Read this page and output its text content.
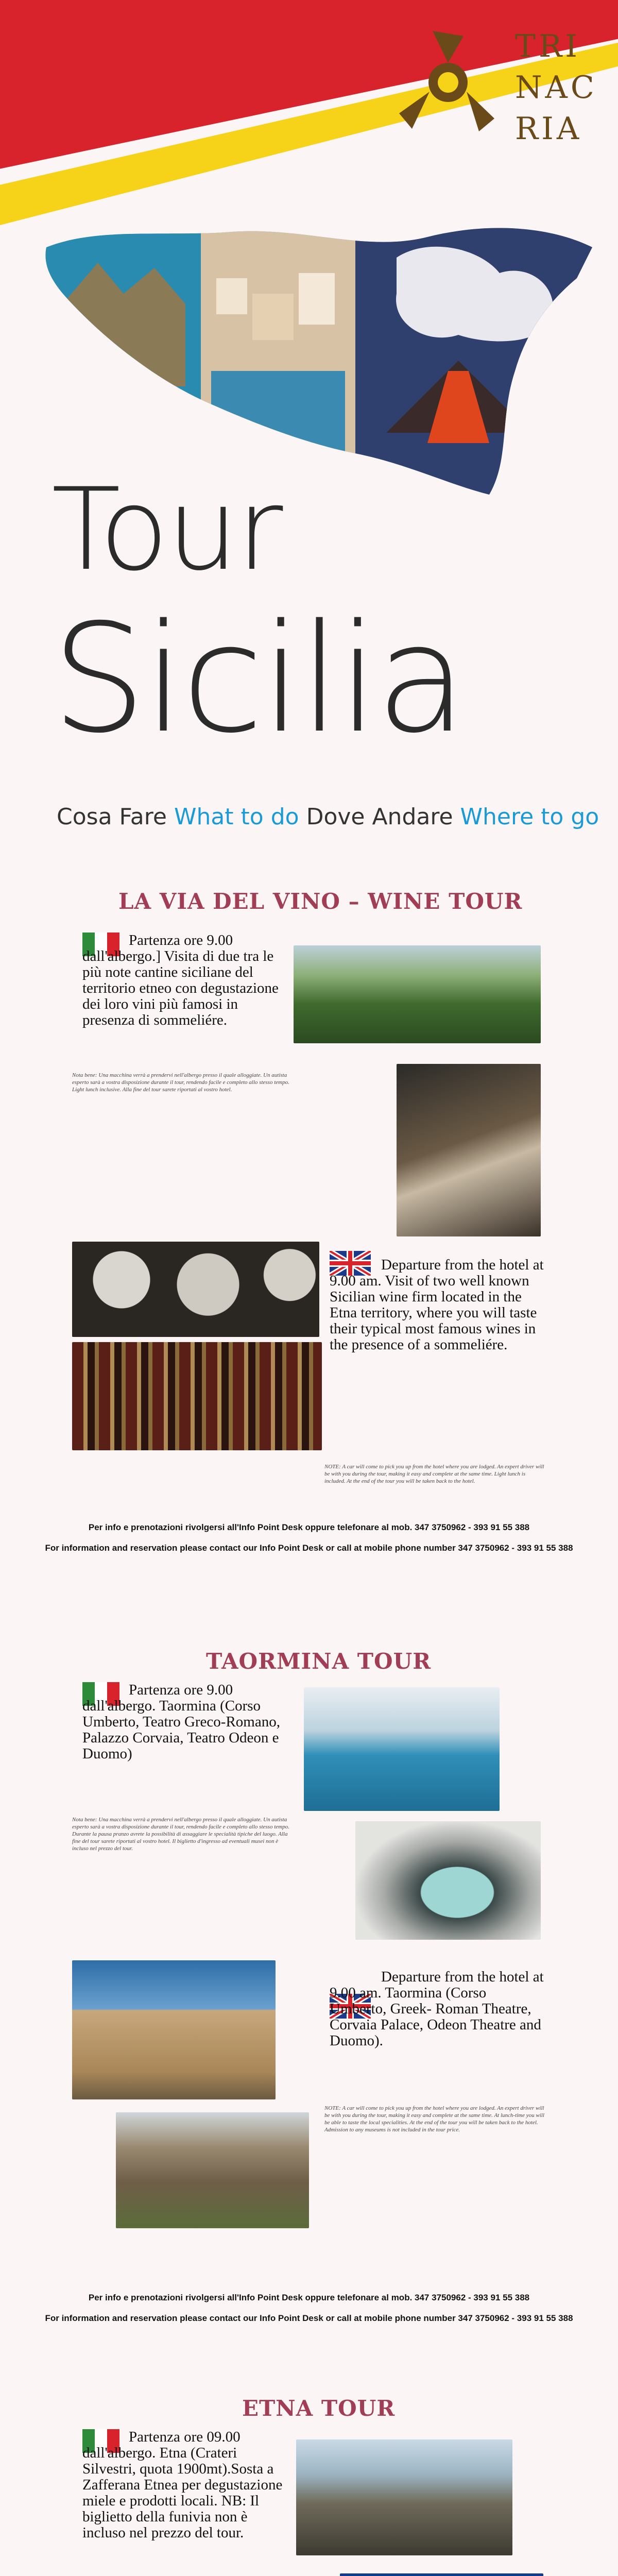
TRI
NAC
RIA
Tour
Sicilia
Cosa Fare What to do Dove Andare Where to go
LA VIA DEL VINO – WINE TOUR
Partenza ore 9.00 dall'albergo.] Visita di due tra le più note cantine siciliane del territorio etneo con degustazione dei loro vini più famosi in presenza di sommeliére.
Nota bene: Una macchina verrà a prendervi nell'albergo presso il quale alloggiate. Un autista esperto sarà a vostra disposizione durante il tour, rendendo facile e completo allo stesso tempo. Light lunch inclusive. Alla fine del tour sarete riportati al vostro hotel.
Departure from the hotel at 9.00 am. Visit of two well known Sicilian wine firm located in the Etna territory, where you will taste their typical most famous wines in the presence of a sommeliére.
NOTE: A car will come to pick you up from the hotel where you are lodged. An expert driver will be with you during the tour, making it easy and complete at the same time. Light lunch is included. At the end of the tour you will be taken back to the hotel.
Per info e prenotazioni rivolgersi all'Info Point Desk oppure telefonare al mob. 347 3750962 - 393 91 55 388
For information and reservation please contact our Info Point Desk or call at mobile phone number 347 3750962 - 393 91 55 388
TAORMINA TOUR
Partenza ore 9.00 dall'albergo. Taormina (Corso Umberto, Teatro Greco-Romano, Palazzo Corvaia, Teatro Odeon e Duomo)
Nota bene: Una macchina verrà a prendervi nell'albergo presso il quale alloggiate. Un autista esperto sarà a vostra disposizione durante il tour, rendendo facile e completo allo stesso tempo. Durante la pausa pranzo avrete la possibilità di assaggiare le specialità tipiche del luogo. Alla fine del tour sarete riportati al vostro hotel. Il biglietto d'ingresso ad eventuali musei non è incluso nel prezzo del tour.
Departure from the hotel at 9.00 am. Taormina (Corso Umberto, Greek- Roman Theatre, Corvaia Palace, Odeon Theatre and Duomo).
NOTE: A car will come to pick you up from the hotel where you are lodged. An expert driver will be with you during the tour, making it easy and complete at the same time. At lunch-time you will be able to taste the local specialities. At the end of the tour you will be taken back to the hotel. Admission to any museums is not included in the tour price.
Per info e prenotazioni rivolgersi all'Info Point Desk oppure telefonare al mob. 347 3750962 - 393 91 55 388
For information and reservation please contact our Info Point Desk or call at mobile phone number 347 3750962 - 393 91 55 388
ETNA TOUR
Partenza ore 09.00 dall'albergo. Etna (Crateri Silvestri, quota 1900mt).Sosta a Zafferana Etnea per degustazione miele e prodotti locali. NB: Il biglietto della funivia non è incluso nel prezzo del tour.
